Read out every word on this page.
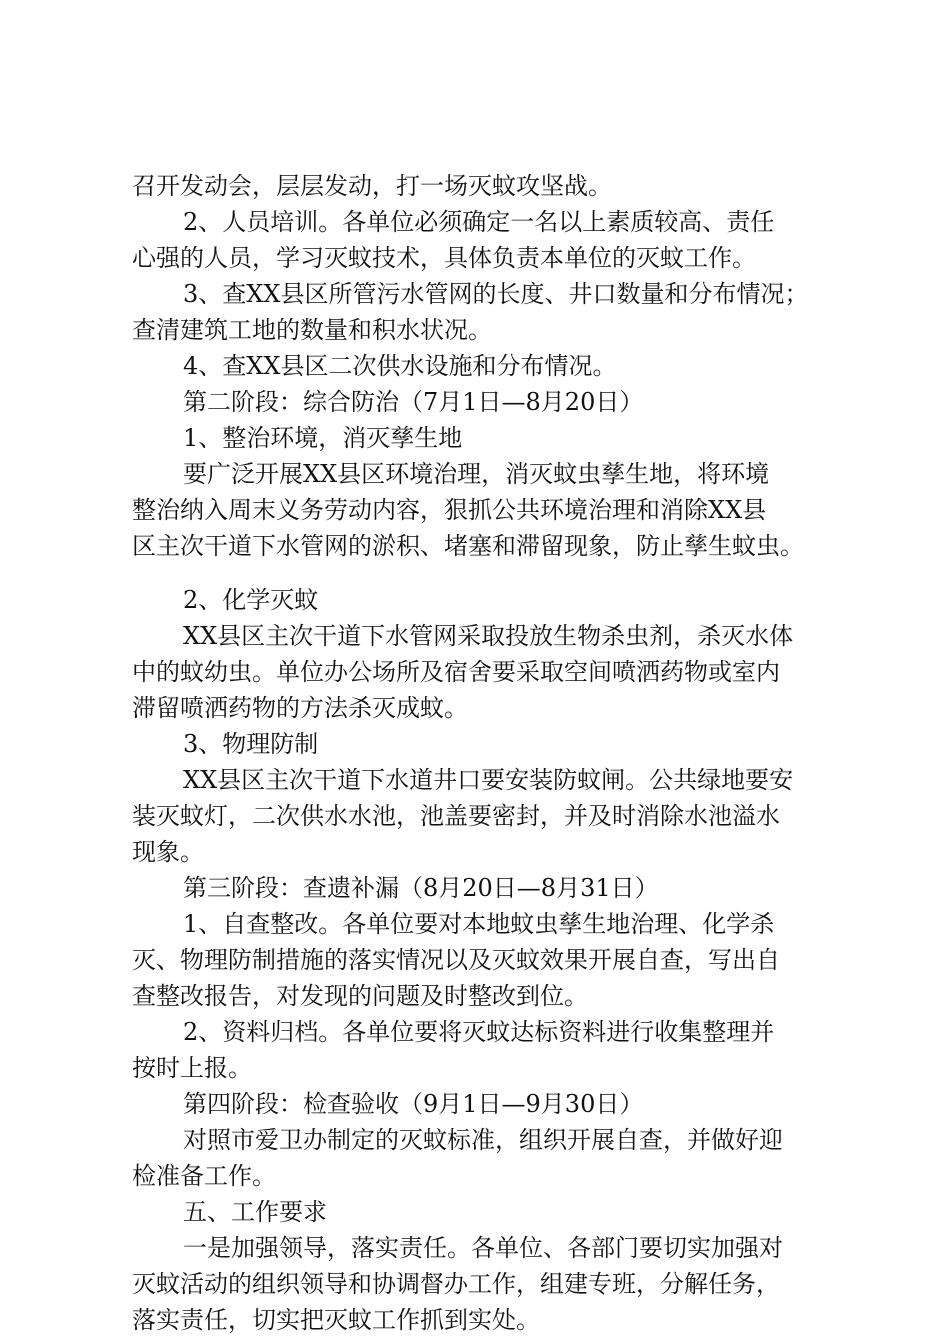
召开发动会，层层发动，打一场灭蚊攻坚战。
2、人员培训。各单位必须确定一名以上素质较高、责任
心强的人员，学习灭蚊技术，具体负责本单位的灭蚊工作。
3、查XX县区所管污水管网的长度、井口数量和分布情况；
查清建筑工地的数量和积水状况。
4、查XX县区二次供水设施和分布情况。
第二阶段：综合防治（7月1日—8月20日）
1、整治环境，消灭孳生地
要广泛开展XX县区环境治理，消灭蚊虫孳生地，将环境
整治纳入周末义务劳动内容，狠抓公共环境治理和消除XX县
区主次干道下水管网的淤积、堵塞和滞留现象，防止孳生蚊虫。
2、化学灭蚊
XX县区主次干道下水管网采取投放生物杀虫剂，杀灭水体
中的蚊幼虫。单位办公场所及宿舍要采取空间喷洒药物或室内
滞留喷洒药物的方法杀灭成蚊。
3、物理防制
XX县区主次干道下水道井口要安装防蚊闸。公共绿地要安
装灭蚊灯，二次供水水池，池盖要密封，并及时消除水池溢水
现象。
第三阶段：查遗补漏（8月20日—8月31日）
1、自查整改。各单位要对本地蚊虫孳生地治理、化学杀
灭、物理防制措施的落实情况以及灭蚊效果开展自查，写出自
查整改报告，对发现的问题及时整改到位。
2、资料归档。各单位要将灭蚊达标资料进行收集整理并
按时上报。
第四阶段：检查验收（9月1日—9月30日）
对照市爱卫办制定的灭蚊标准，组织开展自查，并做好迎
检准备工作。
五、工作要求
一是加强领导，落实责任。各单位、各部门要切实加强对
灭蚊活动的组织领导和协调督办工作，组建专班，分解任务，
落实责任，切实把灭蚊工作抓到实处。
